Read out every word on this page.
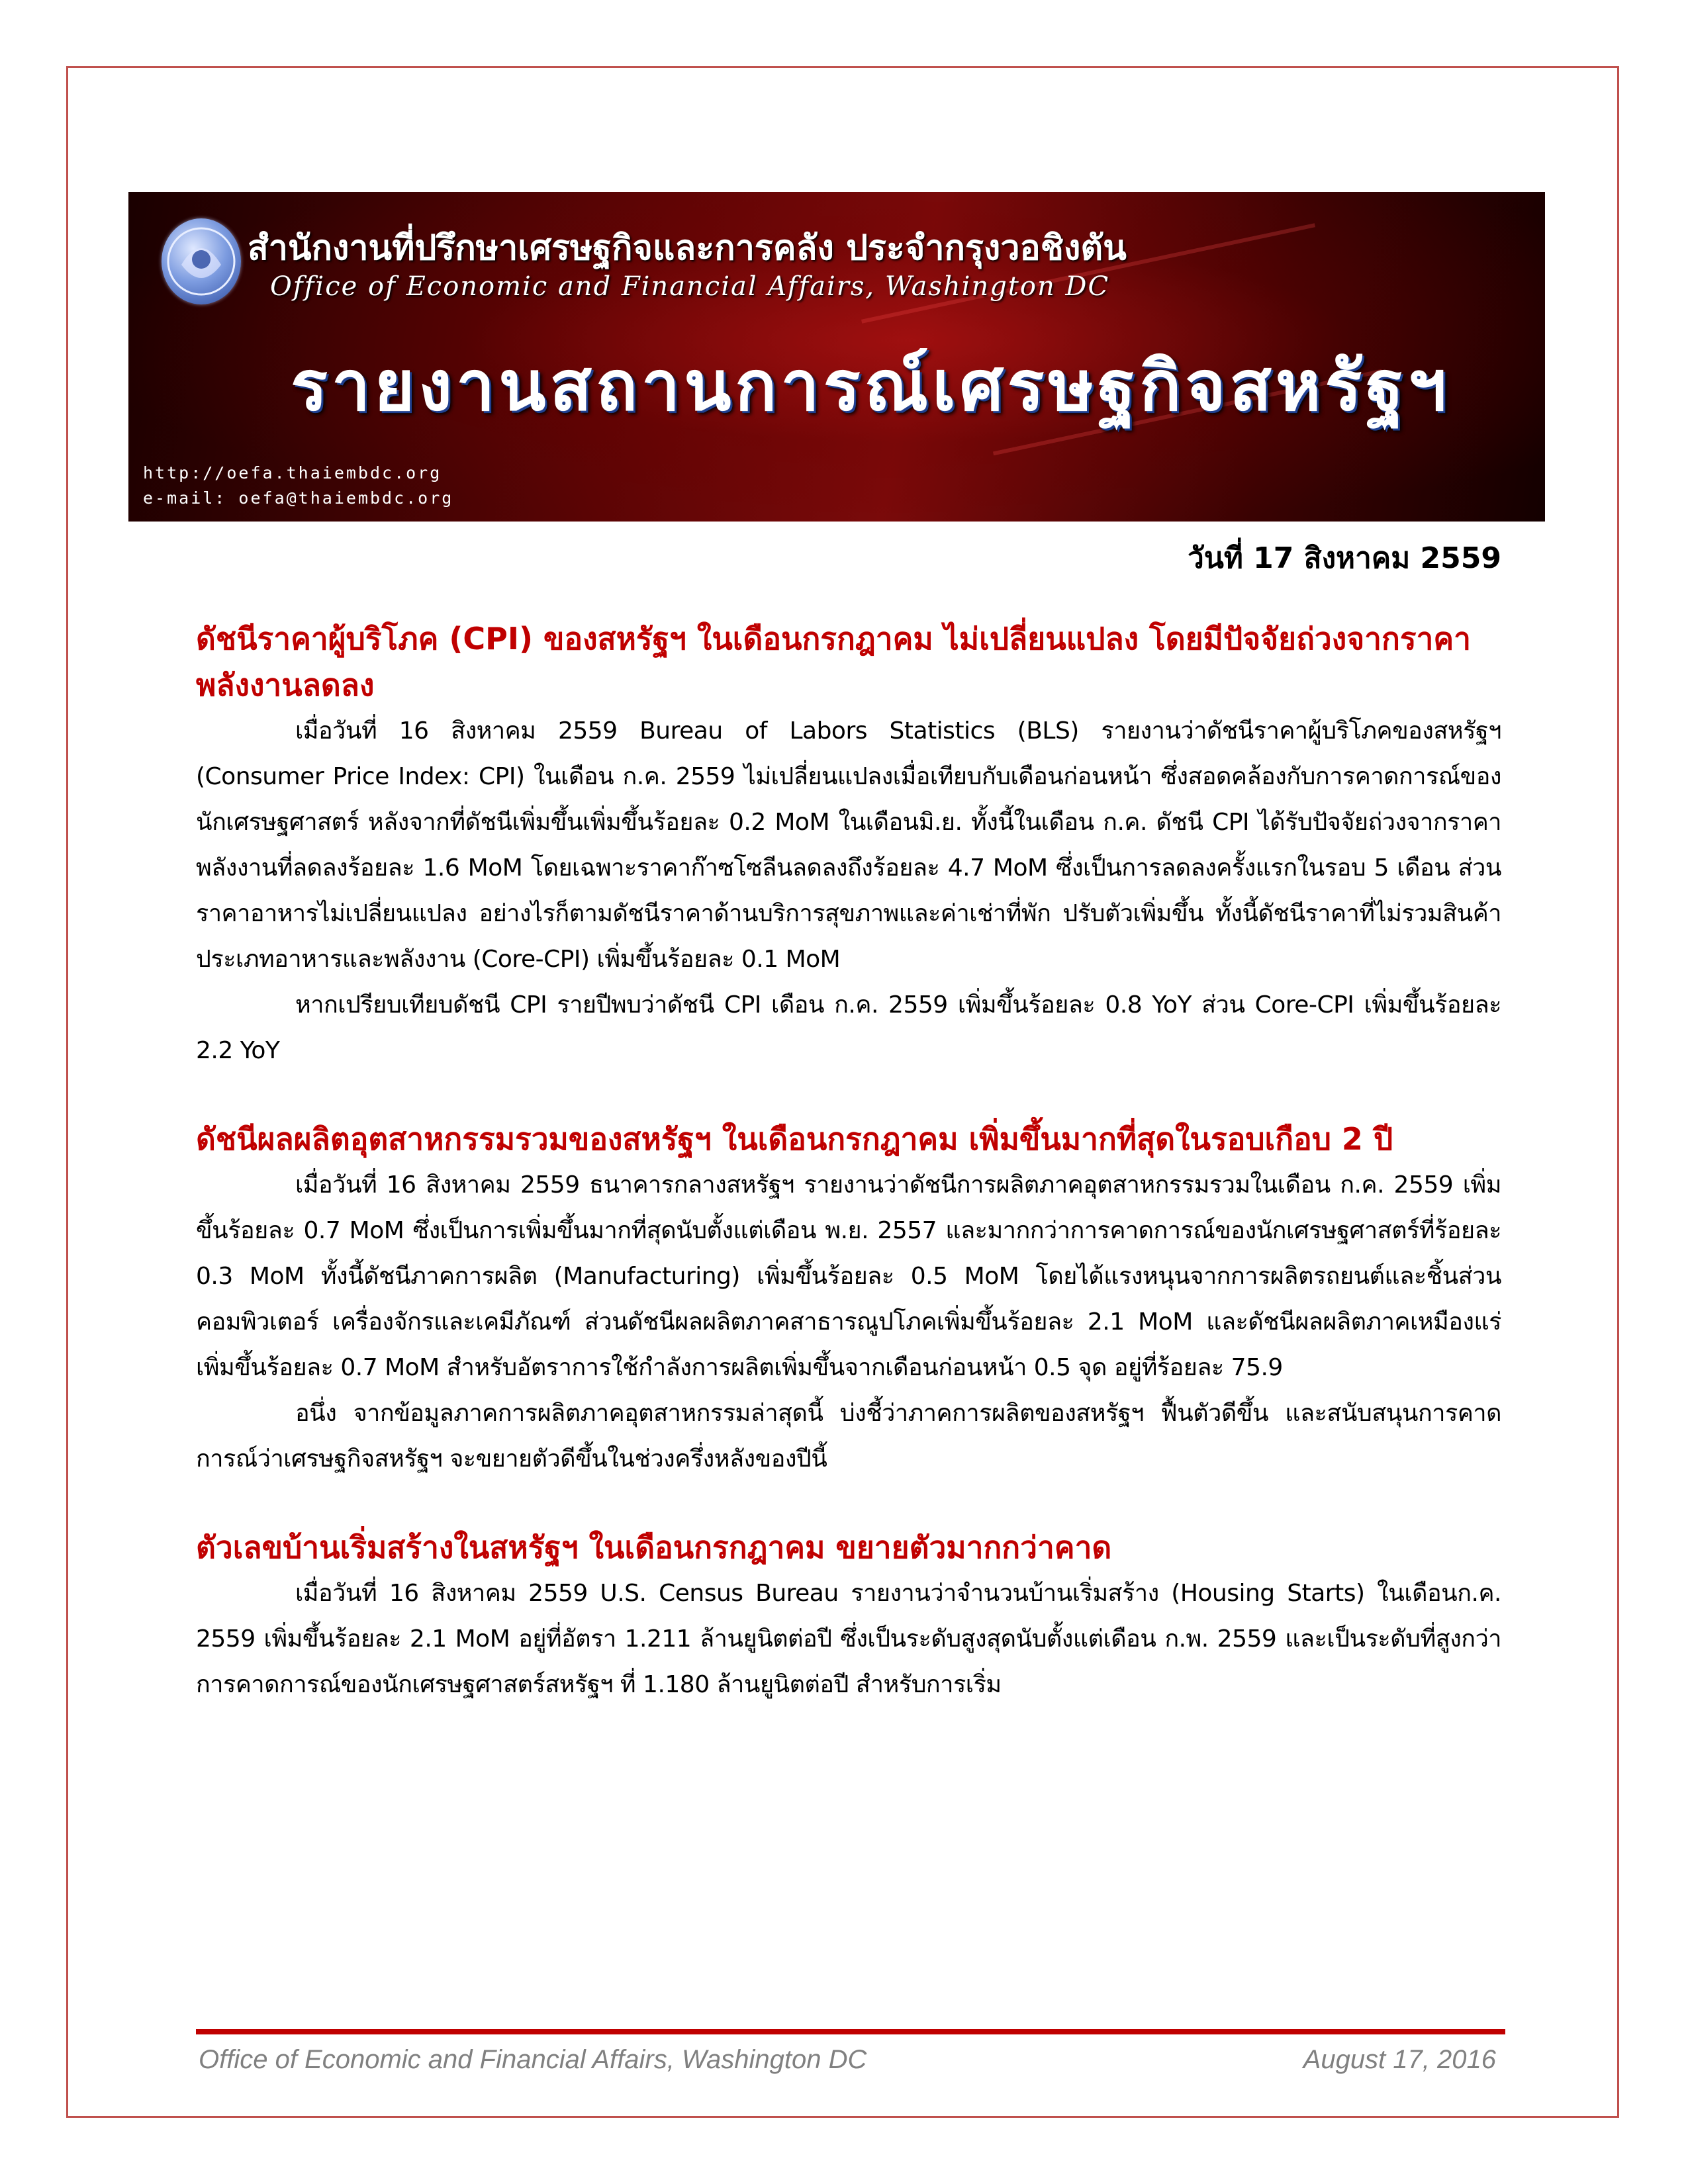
สำนักงานที่ปรึกษาเศรษฐกิจและการคลัง ประจำกรุงวอชิงตัน
Office of Economic and Financial Affairs, Washington DC
รายงานสถานการณ์เศรษฐกิจสหรัฐฯ
http://oefa.thaiembdc.org
e-mail: oefa@thaiembdc.org
วันที่ 17 สิงหาคม 2559
ดัชนีราคาผู้บริโภค (CPI) ของสหรัฐฯ ในเดือนกรกฎาคม ไม่เปลี่ยนแปลง โดยมีปัจจัยถ่วงจากราคาพลังงานลดลง

เมื่อวันที่ 16 สิงหาคม 2559 Bureau of Labors Statistics (BLS) รายงานว่าดัชนีราคาผู้บริโภคของสหรัฐฯ (Consumer Price Index: CPI) ในเดือน ก.ค. 2559 ไม่เปลี่ยนแปลงเมื่อเทียบกับเดือนก่อนหน้า ซึ่งสอดคล้องกับการคาดการณ์ของนักเศรษฐศาสตร์ หลังจากที่ดัชนีเพิ่มขึ้นเพิ่มขึ้นร้อยละ 0.2 MoM ในเดือนมิ.ย. ทั้งนี้ในเดือน ก.ค. ดัชนี CPI ได้รับปัจจัยถ่วงจากราคาพลังงานที่ลดลงร้อยละ 1.6 MoM โดยเฉพาะราคาก๊าซโซลีนลดลงถึงร้อยละ 4.7 MoM ซึ่งเป็นการลดลงครั้งแรกในรอบ 5 เดือน ส่วนราคาอาหารไม่เปลี่ยนแปลง อย่างไรก็ตามดัชนีราคาด้านบริการสุขภาพและค่าเช่าที่พัก ปรับตัวเพิ่มขึ้น ทั้งนี้ดัชนีราคาที่ไม่รวมสินค้าประเภทอาหารและพลังงาน (Core-CPI) เพิ่มขึ้นร้อยละ 0.1 MoM

หากเปรียบเทียบดัชนี CPI รายปีพบว่าดัชนี CPI เดือน ก.ค. 2559 เพิ่มขึ้นร้อยละ 0.8 YoY ส่วน Core-CPI เพิ่มขึ้นร้อยละ 2.2 YoY

ดัชนีผลผลิตอุตสาหกรรมรวมของสหรัฐฯ ในเดือนกรกฎาคม เพิ่มขึ้นมากที่สุดในรอบเกือบ 2 ปี

เมื่อวันที่ 16 สิงหาคม 2559 ธนาคารกลางสหรัฐฯ รายงานว่าดัชนีการผลิตภาคอุตสาหกรรมรวมในเดือน ก.ค. 2559 เพิ่มขึ้นร้อยละ 0.7 MoM ซึ่งเป็นการเพิ่มขึ้นมากที่สุดนับตั้งแต่เดือน พ.ย. 2557 และมากกว่าการคาดการณ์ของนักเศรษฐศาสตร์ที่ร้อยละ 0.3 MoM ทั้งนี้ดัชนีภาคการผลิต (Manufacturing) เพิ่มขึ้นร้อยละ 0.5 MoM โดยได้แรงหนุนจากการผลิตรถยนต์และชิ้นส่วน คอมพิวเตอร์ เครื่องจักรและเคมีภัณฑ์ ส่วนดัชนีผลผลิตภาคสาธารณูปโภคเพิ่มขึ้นร้อยละ 2.1 MoM และดัชนีผลผลิตภาคเหมืองแร่เพิ่มขึ้นร้อยละ 0.7 MoM สำหรับอัตราการใช้กำลังการผลิตเพิ่มขึ้นจากเดือนก่อนหน้า 0.5 จุด อยู่ที่ร้อยละ 75.9

อนึ่ง จากข้อมูลภาคการผลิตภาคอุตสาหกรรมล่าสุดนี้ บ่งชี้ว่าภาคการผลิตของสหรัฐฯ ฟื้นตัวดีขึ้น และสนับสนุนการคาดการณ์ว่าเศรษฐกิจสหรัฐฯ จะขยายตัวดีขึ้นในช่วงครึ่งหลังของปีนี้

ตัวเลขบ้านเริ่มสร้างในสหรัฐฯ ในเดือนกรกฎาคม ขยายตัวมากกว่าคาด

เมื่อวันที่ 16 สิงหาคม 2559 U.S. Census Bureau รายงานว่าจำนวนบ้านเริ่มสร้าง (Housing Starts) ในเดือนก.ค. 2559 เพิ่มขึ้นร้อยละ 2.1 MoM อยู่ที่อัตรา 1.211 ล้านยูนิตต่อปี ซึ่งเป็นระดับสูงสุดนับตั้งแต่เดือน ก.พ. 2559 และเป็นระดับที่สูงกว่าการคาดการณ์ของนักเศรษฐศาสตร์สหรัฐฯ ที่ 1.180 ล้านยูนิตต่อปี สำหรับการเริ่ม

Office of Economic and Financial Affairs, Washington DC	August 17, 2016
